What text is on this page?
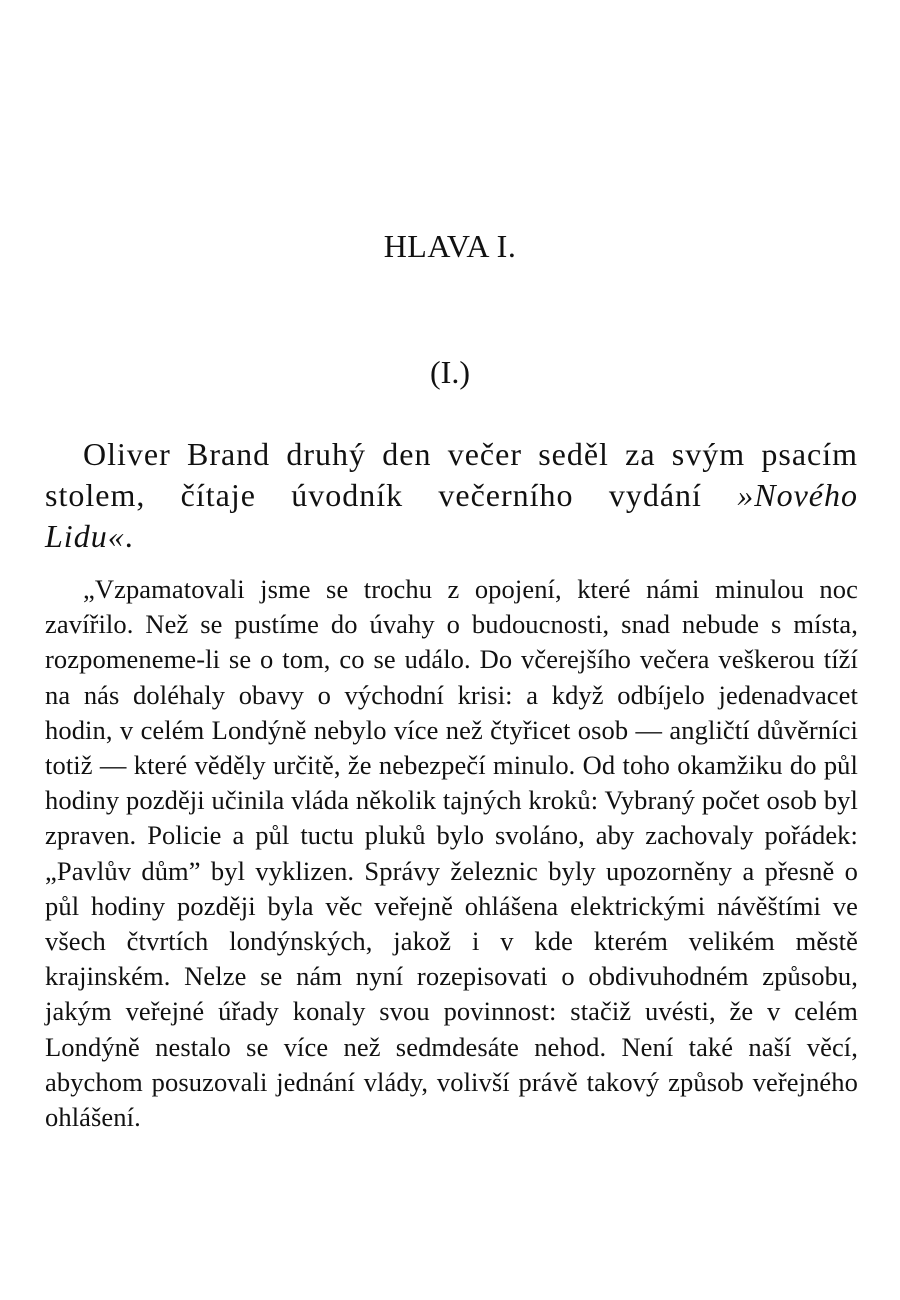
HLAVA I.
(I.)

Oliver Brand druhý den večer seděl za svým psacím stolem, čítaje úvodník večerního vydání »Nového Lidu«.

„Vzpamatovali jsme se trochu z opojení, které námi minulou noc zavířilo. Než se pustíme do úvahy o budoucnosti, snad nebude s místa, rozpomeneme-li se o tom, co se událo. Do včerejšího večera veškerou tíží na nás doléhaly obavy o východní krisi: a když odbíjelo jedenadvacet hodin, v celém Londýně nebylo více než čtyřicet osob — angličtí důvěrníci totiž — které věděly určitě, že nebezpečí minulo. Od toho okamžiku do půl hodiny později učinila vláda několik tajných kroků: Vybraný počet osob byl zpraven. Policie a půl tuctu pluků bylo svoláno, aby zachovaly pořádek: „Pavlův dům” byl vyklizen. Správy železnic byly upozorněny a přesně o půl hodiny později byla věc veřejně ohlášena elektrickými návěštími ve všech čtvrtích londýnských, jakož i v kde kterém velikém městě krajinském. Nelze se nám nyní rozepisovati o obdivuhodném způsobu, jakým veřejné úřady konaly svou povinnost: stačiž uvésti, že v celém Londýně nestalo se více než sedmdesáte nehod. Není také naší věcí, abychom posuzovali jednání vlády, volivší právě takový způsob veřejného ohlášení.
